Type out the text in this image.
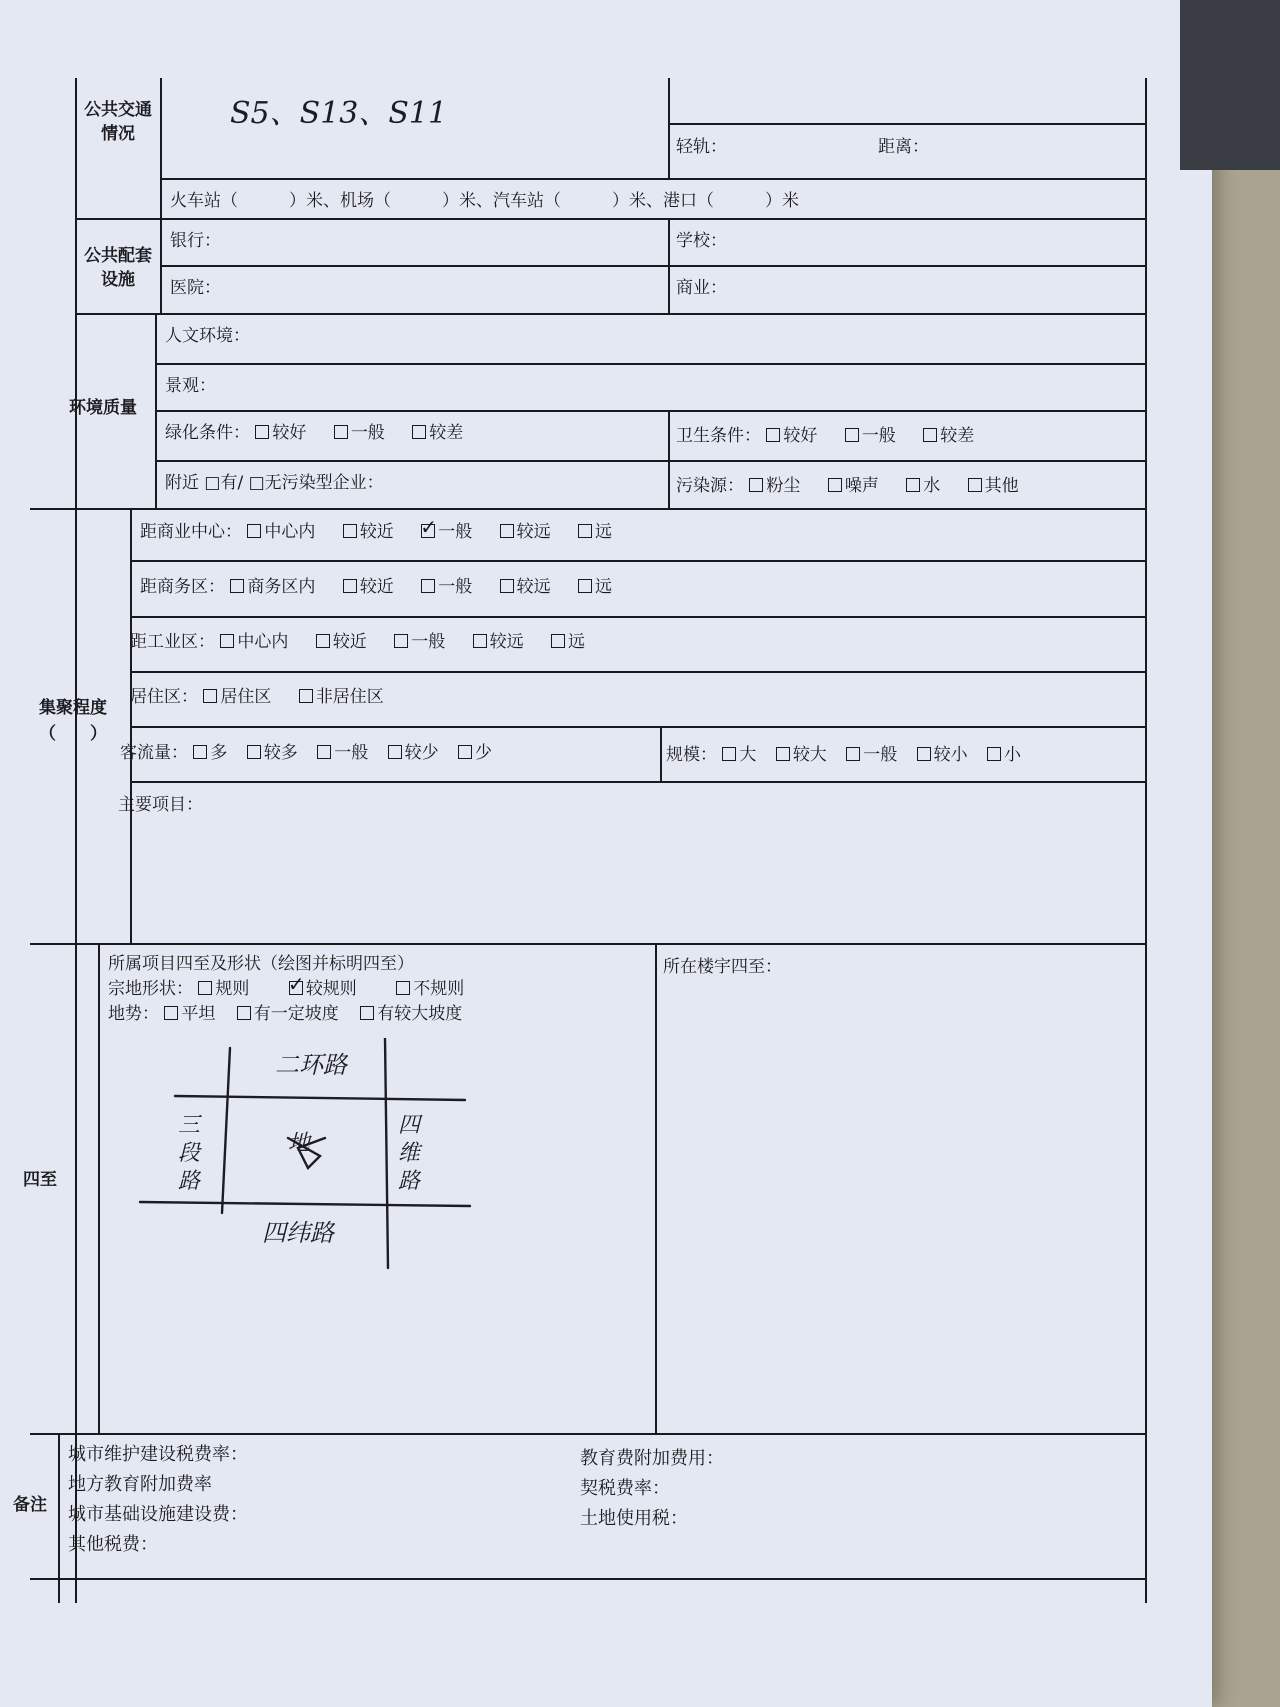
公共交通情况
S5、S13、S11
轻轨：	距离：
火车站（　　　）米、机场（　　　）米、汽车站（　　　）米、港口（　　　）米
公共配套设施
银行：	学校：
医院：	商业：
环境质量
人文环境：
景观：
绿化条件： 较好	一般	较差	卫生条件： 较好	一般	较差
附近 □有/ □无污染型企业：	污染源： 粉尘	噪声	水	其他
集聚程度
（　　）
距商业中心： 中心内	较近 ✓ 一般	较远	远
距商务区： 商务区内	较近	一般	较远	远
距工业区： 中心内	较近	一般	较远	远
居住区： 居住区	非居住区
客流量： 多 较多 一般 较少 少	规模： 大 较大 一般 较小 小
主要项目：
四至
所属项目四至及形状（绘图并标明四至）
宗地形状： 规则 ✓ 较规则	不规则
地势： 平坦 有一定坡度 有较大坡度
所在楼宇四至：
二环路
三段路
四维路
四纬路
地
备注
城市维护建设税费率：
地方教育附加费率
城市基础设施建设费：
其他税费：
教育费附加费用：
契税费率：
土地使用税：
